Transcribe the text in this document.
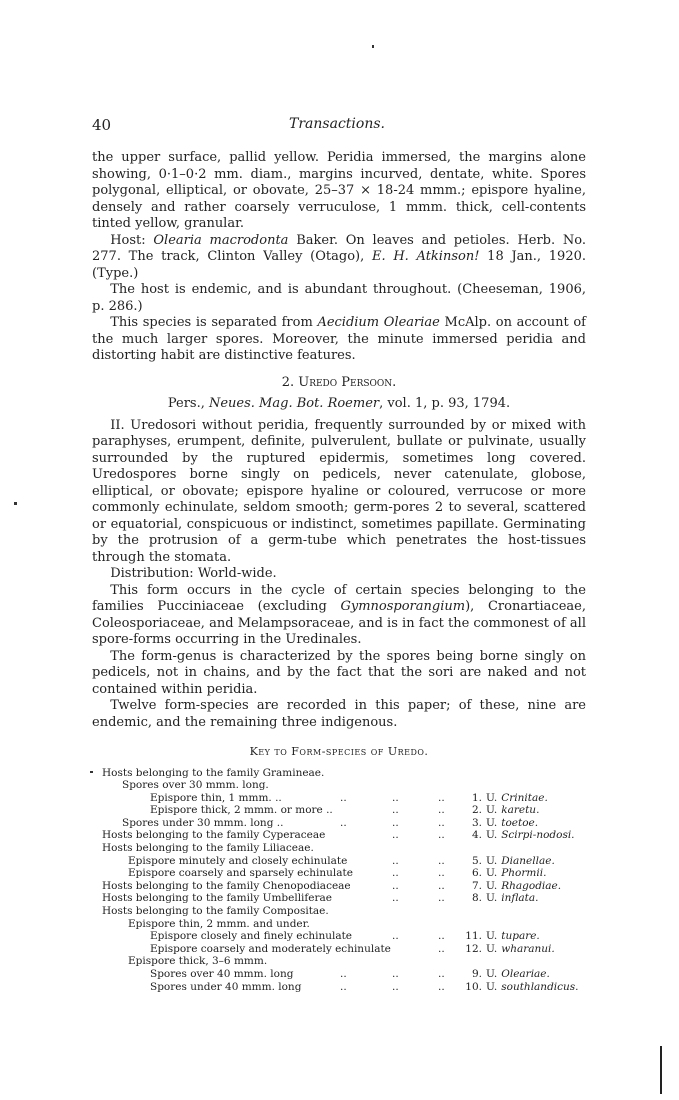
40	Transactions.

the upper surface, pallid yellow. Peridia immersed, the margins alone showing, 0·1–0·2 mm. diam., margins incurved, dentate, white. Spores polygonal, elliptical, or obovate, 25–37 × 18-24 mmm.; epispore hyaline, densely and rather coarsely verruculose, 1 mmm. thick, cell-contents tinted yellow, granular.

Host: Olearia macrodonta Baker. On leaves and petioles. Herb. No. 277. The track, Clinton Valley (Otago), E. H. Atkinson! 18 Jan., 1920. (Type.)

The host is endemic, and is abundant throughout. (Cheeseman, 1906, p. 286.)

This species is separated from Aecidium Oleariae McAlp. on account of the much larger spores. Moreover, the minute immersed peridia and distorting habit are distinctive features.

2. Uredo Persoon.

Pers., Neues. Mag. Bot. Roemer, vol. 1, p. 93, 1794.

II. Uredosori without peridia, frequently surrounded by or mixed with paraphyses, erumpent, definite, pulverulent, bullate or pulvinate, usually surrounded by the ruptured epidermis, sometimes long covered. Uredospores borne singly on pedicels, never catenulate, globose, elliptical, or obovate; epispore hyaline or coloured, verrucose or more commonly echinulate, seldom smooth; germ-pores 2 to several, scattered or equatorial, conspicuous or indistinct, sometimes papillate. Germinating by the protrusion of a germ-tube which penetrates the host-tissues through the stomata.

Distribution: World-wide.

This form occurs in the cycle of certain species belonging to the families Pucciniaceae (excluding Gymnosporangium), Cronartiaceae, Coleosporiaceae, and Melampsoraceae, and is in fact the commonest of all spore-forms occurring in the Uredinales.

The form-genus is characterized by the spores being borne singly on pedicels, not in chains, and by the fact that the sori are naked and not contained within peridia.

Twelve form-species are recorded in this paper; of these, nine are endemic, and the remaining three indigenous.

Key to Form-species of Uredo.

Hosts belonging to the family Gramineae.
Spores over 30 mmm. long.
Epispore thin, 1 mmm. ..	..	..	..	1. U. Crinitae.
Epispore thick, 2 mmm. or more ..	..	..	2. U. karetu.
Spores under 30 mmm. long ..	..	..	..	3. U. toetoe.
Hosts belonging to the family Cyperaceae	..	..	4. U. Scirpi-nodosi.
Hosts belonging to the family Liliaceae.
Epispore minutely and closely echinulate	..	..	5. U. Dianellae.
Epispore coarsely and sparsely echinulate	..	..	6. U. Phormii.
Hosts belonging to the family Chenopodiaceae	..	..	7. U. Rhagodiae.
Hosts belonging to the family Umbelliferae	..	..	8. U. inflata.
Hosts belonging to the family Compositae.
Epispore thin, 2 mmm. and under.
Epispore closely and finely echinulate	..	..	11. U. tupare.
Epispore coarsely and moderately echinulate	..	12. U. wharanui.
Epispore thick, 3–6 mmm.
Spores over 40 mmm. long	..	..	..	9. U. Oleariae.
Spores under 40 mmm. long	..	..	..	10. U. southlandicus.
